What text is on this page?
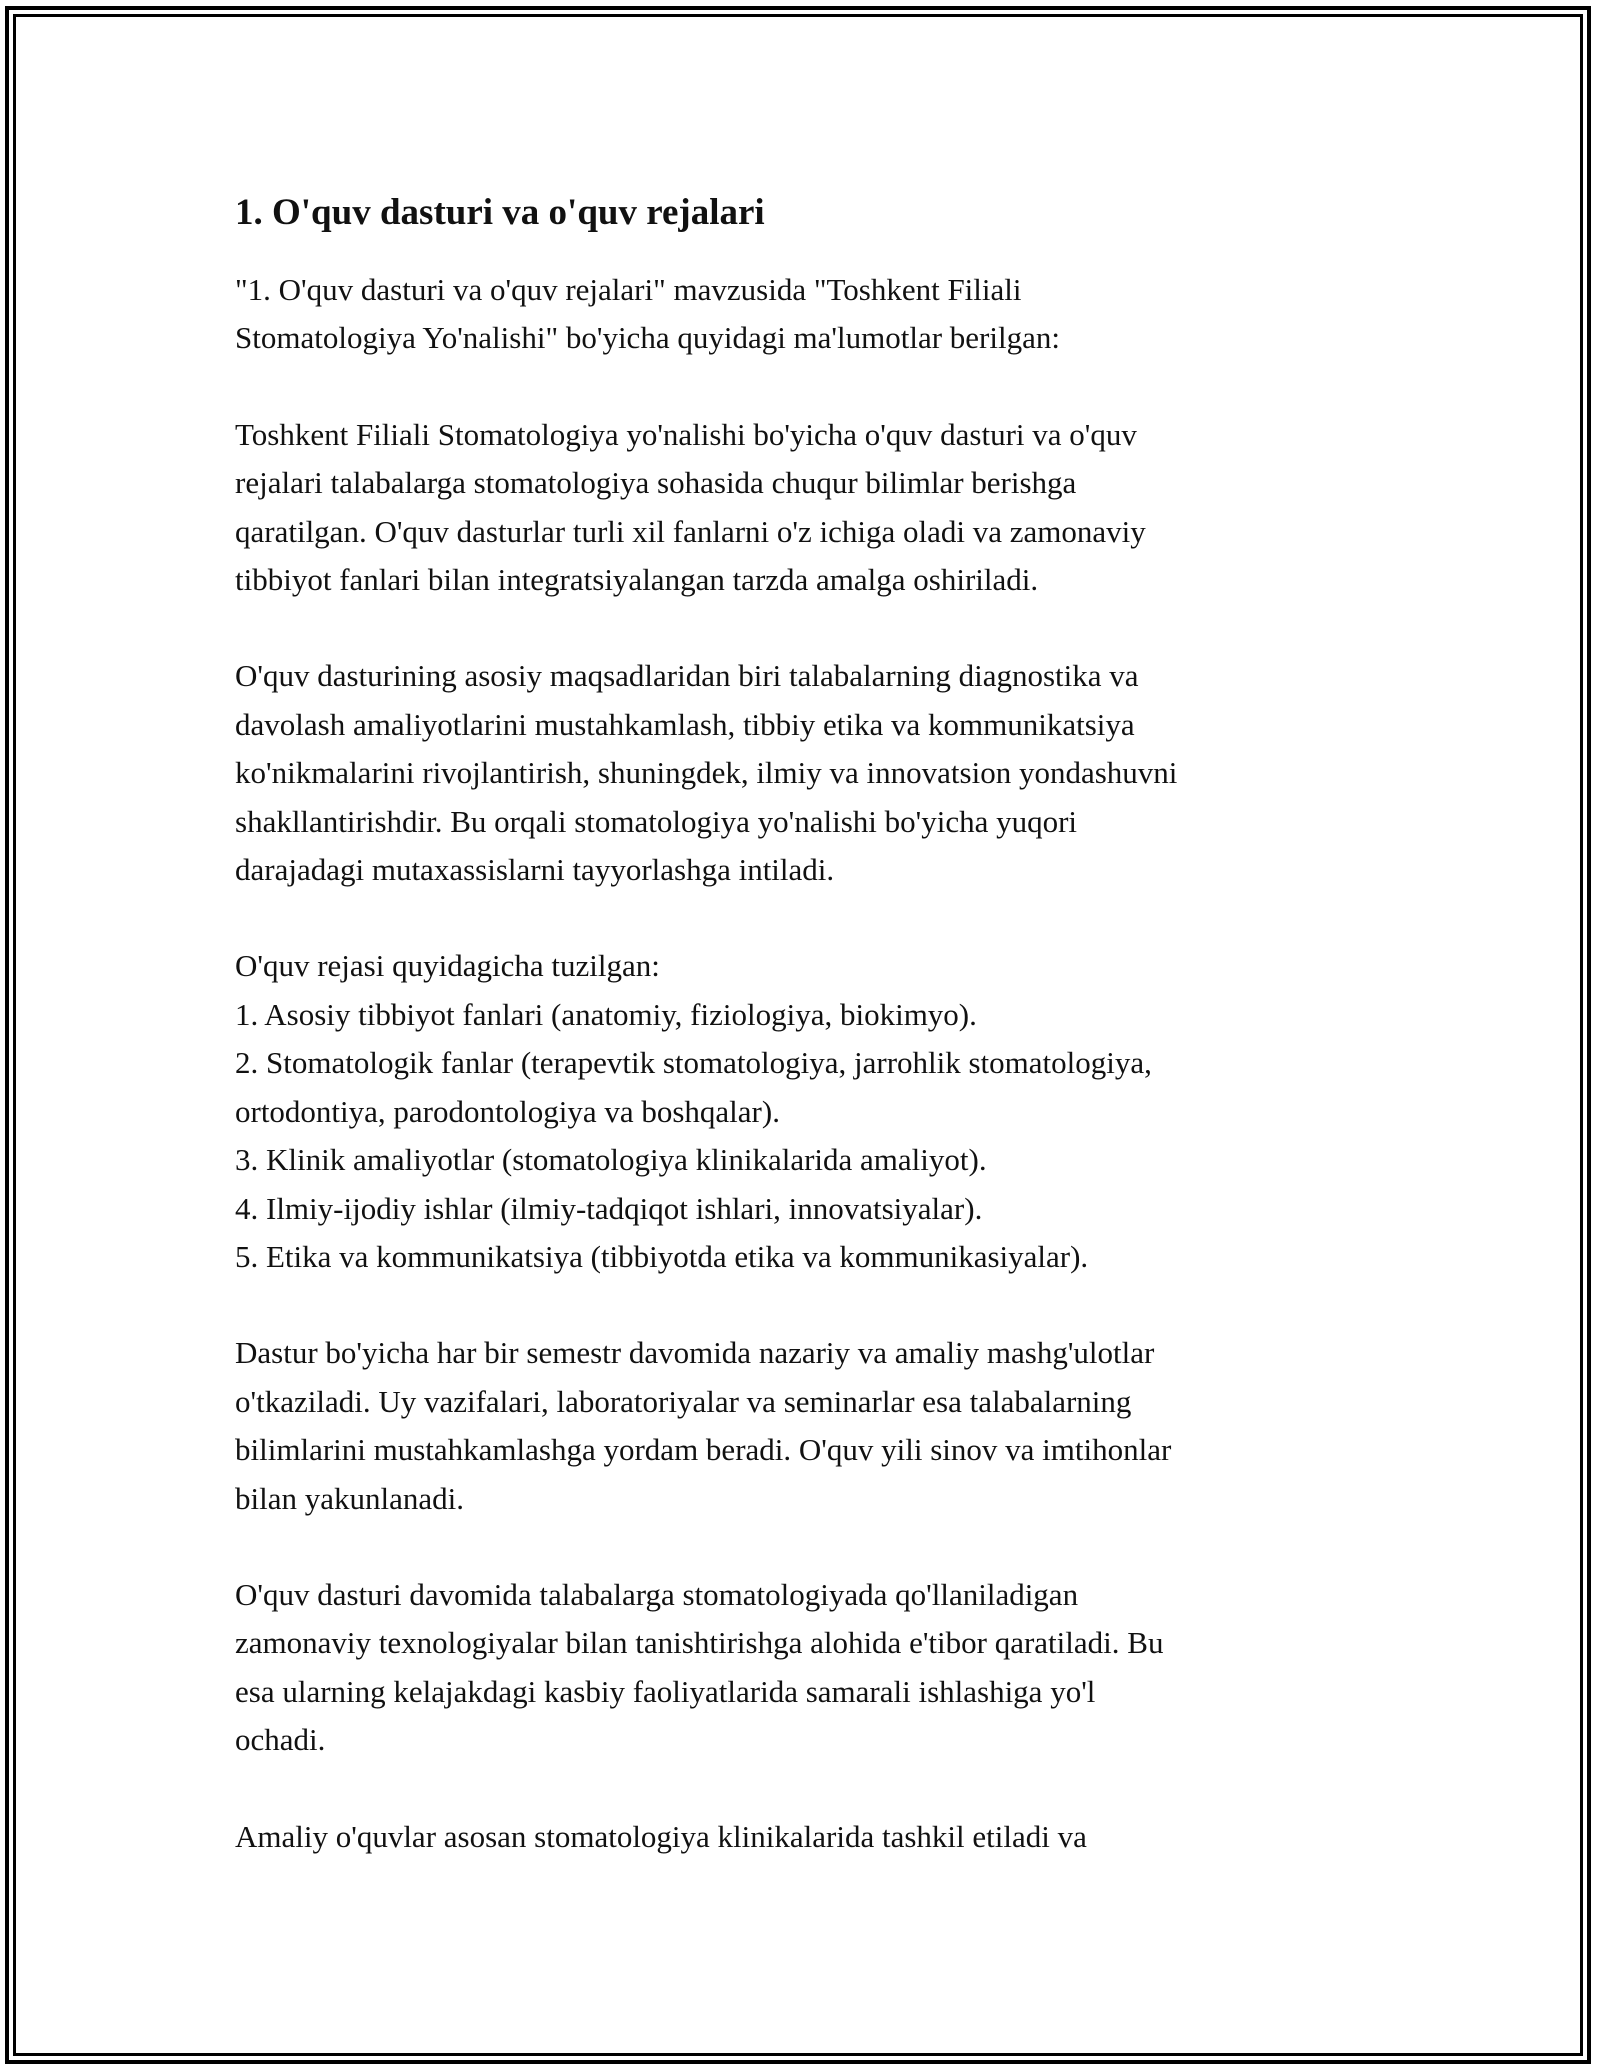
1. O'quv dasturi va o'quv rejalari

"1. O'quv dasturi va o'quv rejalari" mavzusida "Toshkent Filiali
Stomatologiya Yo'nalishi" bo'yicha quyidagi ma'lumotlar berilgan:

Toshkent Filiali Stomatologiya yo'nalishi bo'yicha o'quv dasturi va o'quv
rejalari talabalarga stomatologiya sohasida chuqur bilimlar berishga
qaratilgan. O'quv dasturlar turli xil fanlarni o'z ichiga oladi va zamonaviy
tibbiyot fanlari bilan integratsiyalangan tarzda amalga oshiriladi.

O'quv dasturining asosiy maqsadlaridan biri talabalarning diagnostika va
davolash amaliyotlarini mustahkamlash, tibbiy etika va kommunikatsiya
ko'nikmalarini rivojlantirish, shuningdek, ilmiy va innovatsion yondashuvni
shakllantirishdir. Bu orqali stomatologiya yo'nalishi bo'yicha yuqori
darajadagi mutaxassislarni tayyorlashga intiladi.

O'quv rejasi quyidagicha tuzilgan:
1. Asosiy tibbiyot fanlari (anatomiy, fiziologiya, biokimyo).
2. Stomatologik fanlar (terapevtik stomatologiya, jarrohlik stomatologiya,
ortodontiya, parodontologiya va boshqalar).
3. Klinik amaliyotlar (stomatologiya klinikalarida amaliyot).
4. Ilmiy-ijodiy ishlar (ilmiy-tadqiqot ishlari, innovatsiyalar).
5. Etika va kommunikatsiya (tibbiyotda etika va kommunikasiyalar).

Dastur bo'yicha har bir semestr davomida nazariy va amaliy mashg'ulotlar
o'tkaziladi. Uy vazifalari, laboratoriyalar va seminarlar esa talabalarning
bilimlarini mustahkamlashga yordam beradi. O'quv yili sinov va imtihonlar
bilan yakunlanadi.

O'quv dasturi davomida talabalarga stomatologiyada qo'llaniladigan
zamonaviy texnologiyalar bilan tanishtirishga alohida e'tibor qaratiladi. Bu
esa ularning kelajakdagi kasbiy faoliyatlarida samarali ishlashiga yo'l
ochadi.

Amaliy o'quvlar asosan stomatologiya klinikalarida tashkil etiladi va
